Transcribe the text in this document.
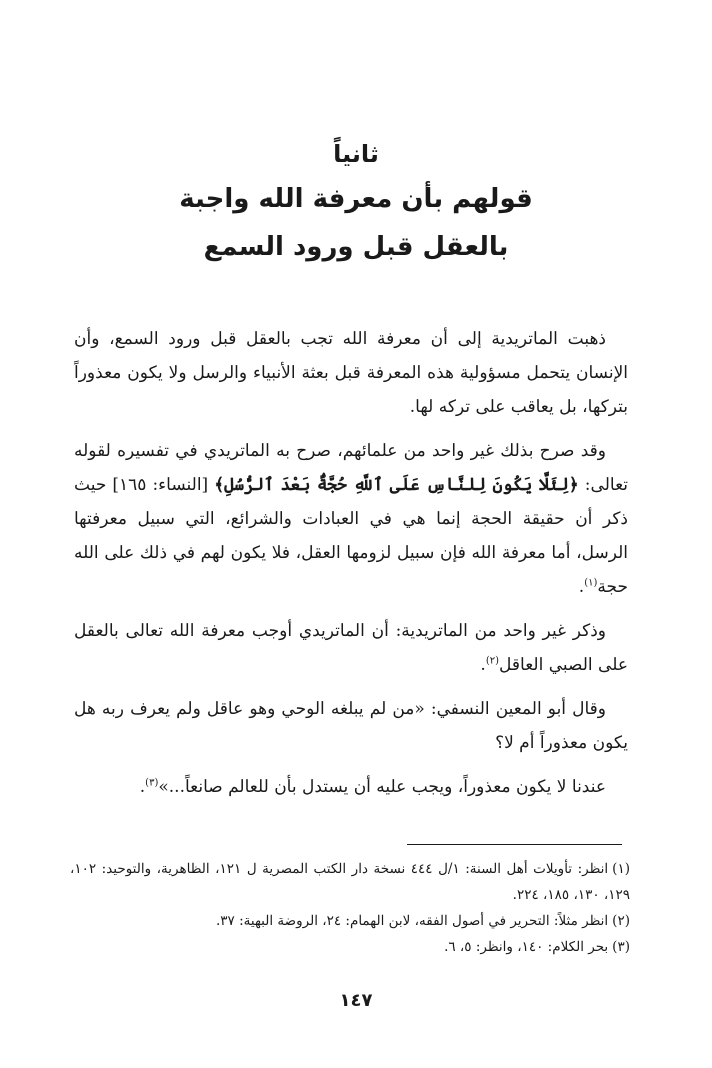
ثانياً
قولهم بأن معرفة الله واجبة
بالعقل قبل ورود السمع

ذهبت الماتريدية إلى أن معرفة الله تجب بالعقل قبل ورود السمع، وأن الإنسان يتحمل مسؤولية هذه المعرفة قبل بعثة الأنبياء والرسل ولا يكون معذوراً بتركها، بل يعاقب على تركه لها.

وقد صرح بذلك غير واحد من علمائهم، صرح به الماتريدي في تفسيره لقوله تعالى: ﴿لِئَلَّا يَكُونَ لِلنَّاسِ عَلَى ٱللَّهِ حُجَّةٌۢ بَعْدَ ٱلرُّسُلِ﴾ [النساء: ١٦٥] حيث ذكر أن حقيقة الحجة إنما هي في العبادات والشرائع، التي سبيل معرفتها الرسل، أما معرفة الله فإن سبيل لزومها العقل، فلا يكون لهم في ذلك على الله حجة$^{(١)}$.

وذكر غير واحد من الماتريدية: أن الماتريدي أوجب معرفة الله تعالى بالعقل على الصبي العاقل$^{(٢)}$.

وقال أبو المعين النسفي: «من لم يبلغه الوحي وهو عاقل ولم يعرف ربه هل يكون معذوراً أم لا؟

عندنا لا يكون معذوراً، ويجب عليه أن يستدل بأن للعالم صانعاً...»$^{(٣)}$.

(١)انظر: تأويلات أهل السنة: ١/ل ٤٤٤ نسخة دار الكتب المصرية ل ١٢١، الظاهرية، والتوحيد: ١٠٢، ١٢٩، ١٣٠، ١٨٥، ٢٢٤.

(٢)انظر مثلاً: التحرير في أصول الفقه، لابن الهمام: ٢٤، الروضة البهية: ٣٧.

(٣)بحر الكلام: ١٤٠، وانظر: ٥، ٦.

١٤٧
